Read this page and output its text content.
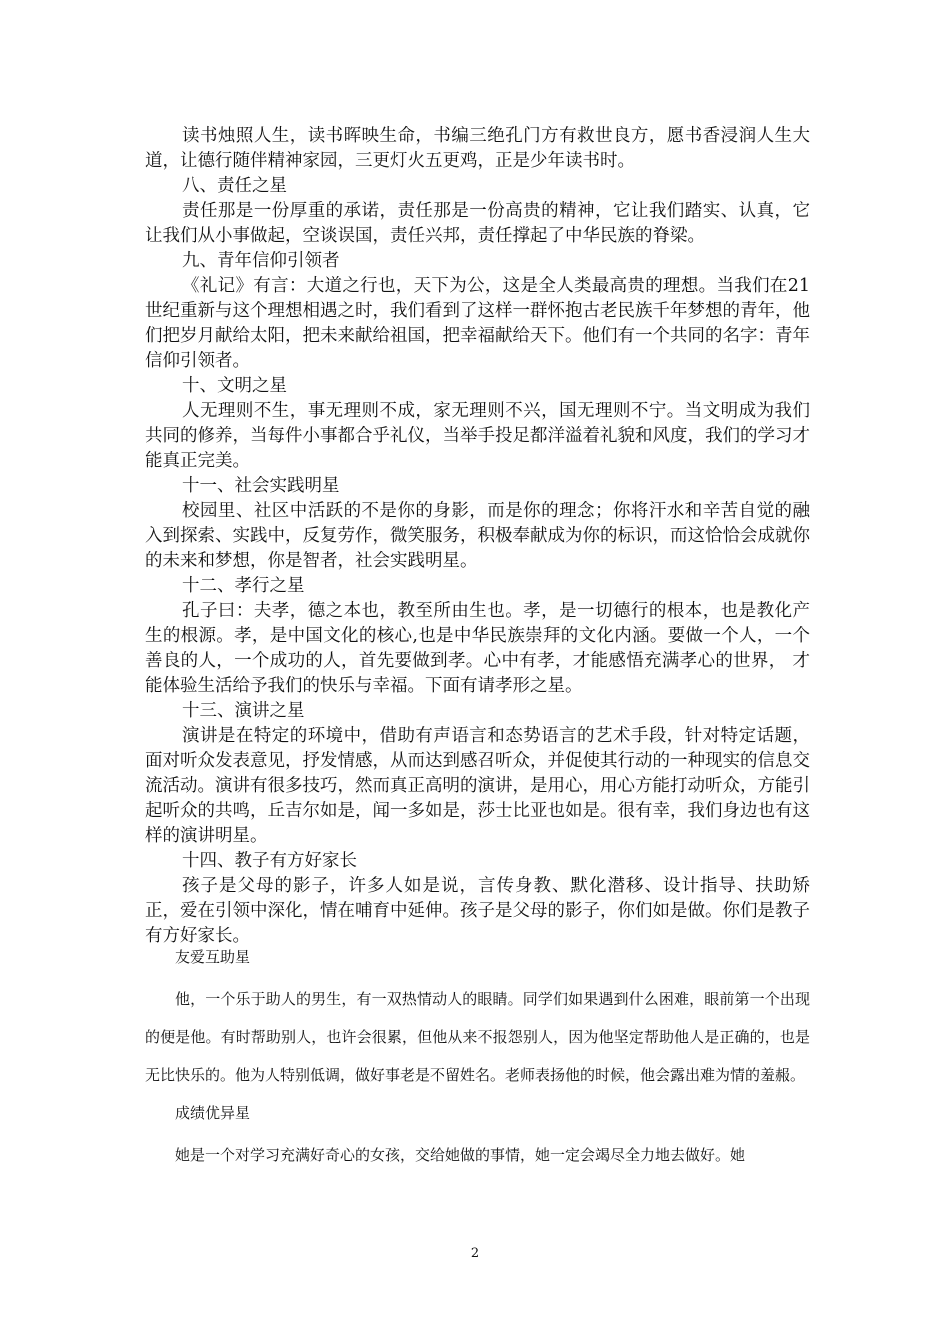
读书烛照人生，读书晖映生命，书编三绝孔门方有救世良方，愿书香浸润人生大道，让德行随伴精神家园，三更灯火五更鸡，正是少年读书时。

八、责任之星

责任那是一份厚重的承诺，责任那是一份高贵的精神，它让我们踏实、认真，它让我们从小事做起，空谈误国，责任兴邦，责任撑起了中华民族的脊梁。

九、青年信仰引领者

《礼记》有言：大道之行也，天下为公，这是全人类最高贵的理想。当我们在21世纪重新与这个理想相遇之时，我们看到了这样一群怀抱古老民族千年梦想的青年，他们把岁月献给太阳，把未来献给祖国，把幸福献给天下。他们有一个共同的名字：青年信仰引领者。

十、文明之星

人无理则不生，事无理则不成，家无理则不兴，国无理则不宁。当文明成为我们共同的修养，当每件小事都合乎礼仪，当举手投足都洋溢着礼貌和风度，我们的学习才能真正完美。

十一、社会实践明星

校园里、社区中活跃的不是你的身影，而是你的理念；你将汗水和辛苦自觉的融入到探索、实践中，反复劳作，微笑服务，积极奉献成为你的标识，而这恰恰会成就你的未来和梦想，你是智者，社会实践明星。

十二、孝行之星

孔子曰：夫孝，德之本也，教至所由生也。孝，是一切德行的根本，也是教化产生的根源。孝，是中国文化的核心,也是中华民族崇拜的文化内涵。要做一个人，一个善良的人，一个成功的人，首先要做到孝。心中有孝，才能感悟充满孝心的世界， 才能体验生活给予我们的快乐与幸福。下面有请孝形之星。

十三、演讲之星

演讲是在特定的环境中，借助有声语言和态势语言的艺术手段，针对特定话题，面对听众发表意见，抒发情感，从而达到感召听众，并促使其行动的一种现实的信息交流活动。演讲有很多技巧，然而真正高明的演讲，是用心，用心方能打动听众，方能引起听众的共鸣，丘吉尔如是，闻一多如是，莎士比亚也如是。很有幸，我们身边也有这样的演讲明星。

十四、教子有方好家长

孩子是父母的影子，许多人如是说，言传身教、默化潜移、设计指导、扶助矫正，爱在引领中深化，情在哺育中延伸。孩子是父母的影子，你们如是做。你们是教子有方好家长。

友爱互助星

他，一个乐于助人的男生，有一双热情动人的眼睛。同学们如果遇到什么困难，眼前第一个出现的便是他。有时帮助别人，也许会很累，但他从来不报怨别人，因为他坚定帮助他人是正确的，也是无比快乐的。他为人特别低调，做好事老是不留姓名。老师表扬他的时候，他会露出难为情的羞赧。

成绩优异星

她是一个对学习充满好奇心的女孩，交给她做的事情，她一定会竭尽全力地去做好。她

2
